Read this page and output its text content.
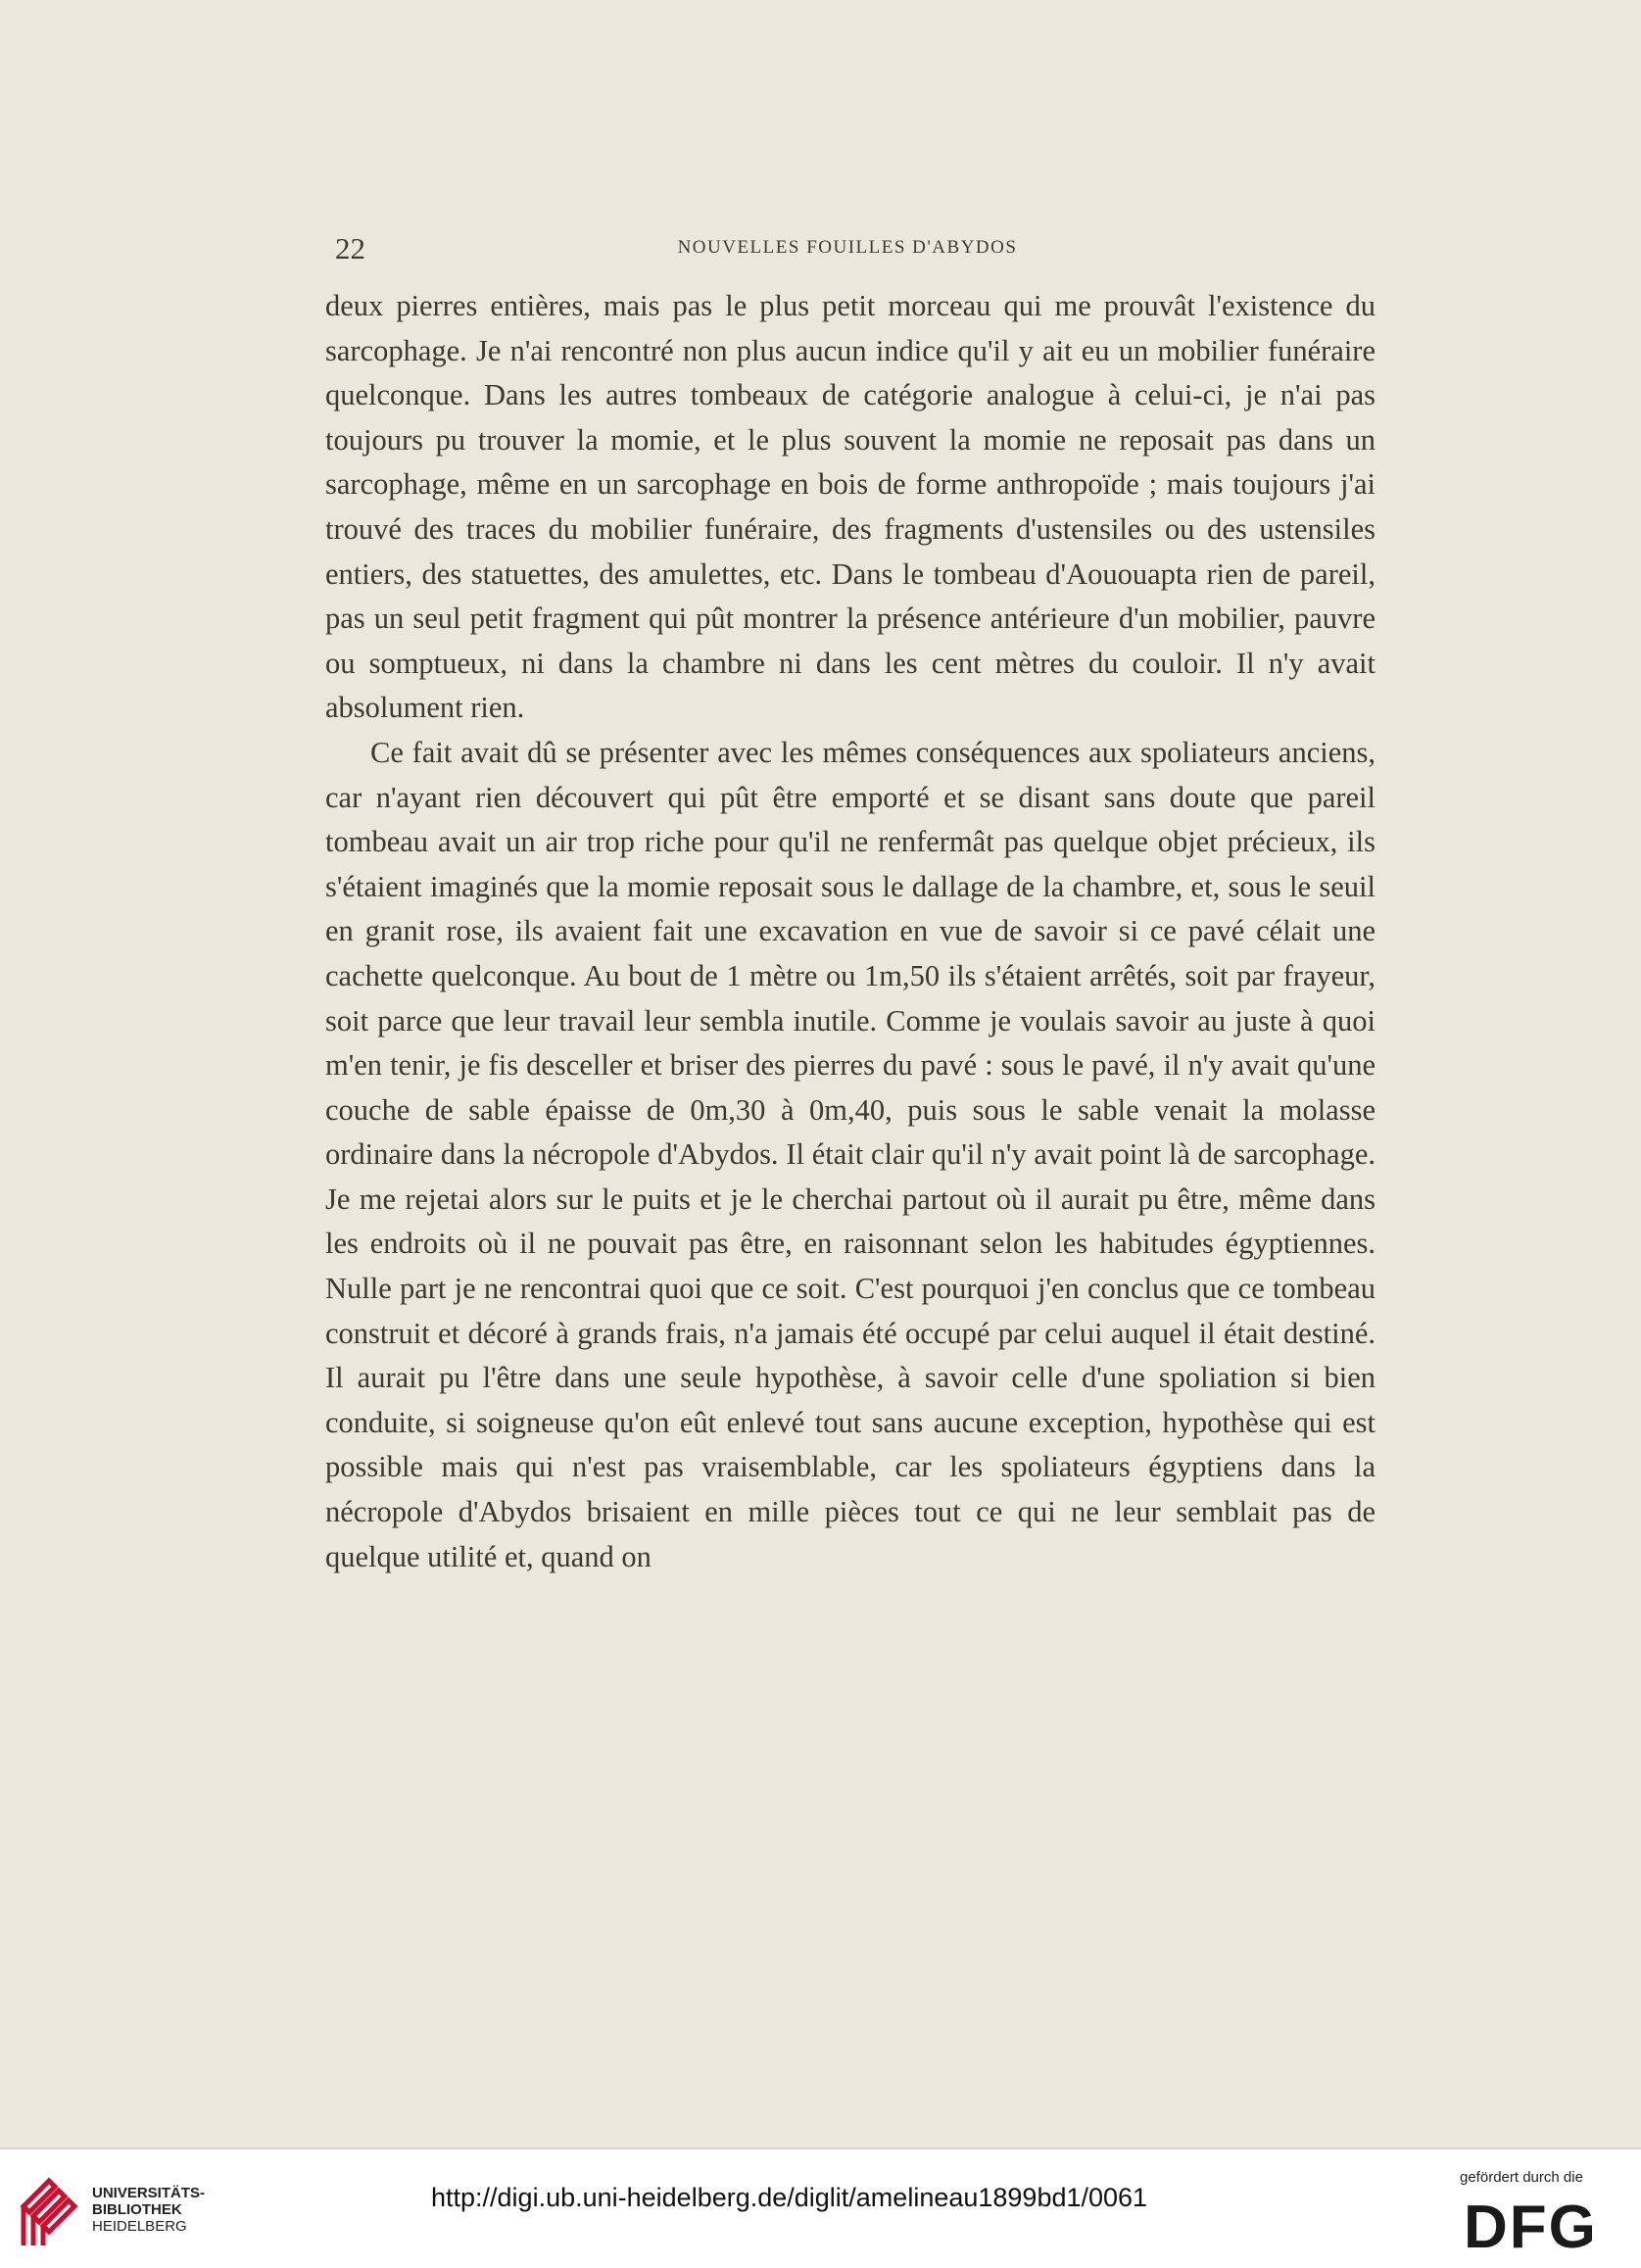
22	NOUVELLES FOUILLES D'ABYDOS

deux pierres entières, mais pas le plus petit morceau qui me prouvât l'existence du sarcophage. Je n'ai rencontré non plus aucun indice qu'il y ait eu un mobilier funéraire quelconque. Dans les autres tombeaux de catégorie analogue à celui-ci, je n'ai pas toujours pu trouver la momie, et le plus souvent la momie ne reposait pas dans un sarcophage, même en un sarcophage en bois de forme anthropoïde ; mais toujours j'ai trouvé des traces du mobilier funéraire, des fragments d'ustensiles ou des ustensiles entiers, des statuettes, des amulettes, etc. Dans le tombeau d'Aououapta rien de pareil, pas un seul petit fragment qui pût montrer la présence antérieure d'un mobilier, pauvre ou somptueux, ni dans la chambre ni dans les cent mètres du couloir. Il n'y avait absolument rien.

Ce fait avait dû se présenter avec les mêmes conséquences aux spoliateurs anciens, car n'ayant rien découvert qui pût être emporté et se disant sans doute que pareil tombeau avait un air trop riche pour qu'il ne renfermât pas quelque objet précieux, ils s'étaient imaginés que la momie reposait sous le dallage de la chambre, et, sous le seuil en granit rose, ils avaient fait une excavation en vue de savoir si ce pavé célait une cachette quelconque. Au bout de 1 mètre ou 1m,50 ils s'étaient arrêtés, soit par frayeur, soit parce que leur travail leur sembla inutile. Comme je voulais savoir au juste à quoi m'en tenir, je fis desceller et briser des pierres du pavé : sous le pavé, il n'y avait qu'une couche de sable épaisse de 0m,30 à 0m,40, puis sous le sable venait la molasse ordinaire dans la nécropole d'Abydos. Il était clair qu'il n'y avait point là de sarcophage. Je me rejetai alors sur le puits et je le cherchai partout où il aurait pu être, même dans les endroits où il ne pouvait pas être, en raisonnant selon les habitudes égyptiennes. Nulle part je ne rencontrai quoi que ce soit. C'est pourquoi j'en conclus que ce tombeau construit et décoré à grands frais, n'a jamais été occupé par celui auquel il était destiné. Il aurait pu l'être dans une seule hypothèse, à savoir celle d'une spoliation si bien conduite, si soigneuse qu'on eût enlevé tout sans aucune exception, hypothèse qui est possible mais qui n'est pas vraisemblable, car les spoliateurs égyptiens dans la nécropole d'Abydos brisaient en mille pièces tout ce qui ne leur semblait pas de quelque utilité et, quand on

UNIVERSITÄTS-
BIBLIOTHEK
HEIDELBERG
http://digi.ub.uni-heidelberg.de/diglit/amelineau1899bd1/0061
gefördert durch die
DFG
